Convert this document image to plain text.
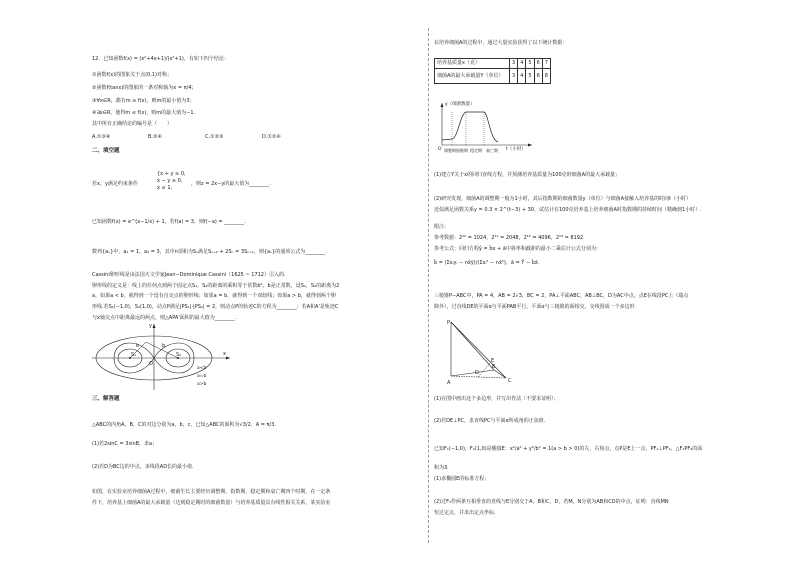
12．已知函数f(x) = (x²+4x+1)/(x²+1)，有如下四个结论：
①函数f(x)的图象关于点(0,1)对称；
②函数f(tanx)的图象的一条对称轴为x = π/4；
③∀x∈R，都有m ≥ f(x)，则m的最小值为3；
④∃x∈R，使得m ≤ f(x)，则m的最大值为−1.
其中所有正确结论的编号是（　　）
A.①③④	B.②④	C.①②③	D.①②④
二、填空题
若x，y满足约束条件
{x + y ≥ 0,
x − y ≥ 0,
x ≤ 1,
，则z = 2x−y的最大值为________.
已知函数f(x) = e^(x−1/x) + 1，若f(a) = 3，则f(−a) = ________.
数列{aₙ}中，a₁ = 1，a₂ = 3，其中n项和为Sₙ满足Sₙ₊₂ + 2Sₙ = 3Sₙ₊₁，则{aₙ}的通项公式为________.
Cassini卵形线是由法国天文学家Jean−Dominique Cassini（1625 ~ 1712）引入的.
卵形线的定义是：线上的任何点到两个固定点S₁，S₂的距离的乘积等于常数b²，b是正常数，设S₁，S₂的距离为2
a，如果a < b，就得到一个没有自交点的卵形线；如果a = b，就得到一个双纽线；如果a > b，就得到两个卵
形线.若S₁(−1,0)，S₂(1,0)，动点P满足|PS₁|·|PS₂| = 2，则动点P的轨迹C的方程为________；若A和A'是轨迹C
与x轴交点中距离最远的两点，则△APA'面积的最大值为________.
y
x
O
S₁	S₂
b	b
a<b
a=b
a>b
三、解答题
△ABC的内角A，B，C的对边分别为a，b，c，已知△ABC的面积为√3/2，A = π/3.
(1)若2sinC = 3sinB，求a；
(2)若D为BC边的中点，求线段AD长的最小值.
如图，在实验室培养细菌A过程中，细菌生长主要经历调整期、指数期、稳定期和衰亡期四个时期，在一定条
件下，培养基上细菌A的最大承载量（达到稳定期时的细菌数量）与培养基质量具有线性相关关系，某实验室
在培养细菌A的过程中，通过大量实验获得了以下统计数据：
培养基质量x（克）	3	4	5	6	7
细菌A的最大承载量Y（单位）	3	4	5	6	8
y（细菌数量）
t（小时）
O 调整期 指数期 稳定期 衰亡期
(1)建立Y关于x的回归直线方程，并预测培养基质量为100克时细菌A的最大承载量；
(2)研究发现，细菌A的调整期一般为1小时，其后指数期的细菌数量y（单位）与细菌A接触入培养基的时间t（小时）
近似满足函数关系y = 0.3 × 2^(t−3) + 30，试估计在100克培养基上培养细菌A时指数期的持续时间（精确到1小时）.
附注：
参考数据：2¹⁰ = 1024，2¹¹ = 2048，2¹² = 4096，2¹³ = 8192.
参考公式：回归方程ŷ = b̂x + â中斜率和截距的最小二乘估计公式分别为：
b̂ = (Σxᵢyᵢ − nx̄ȳ)/(Σxᵢ² − nx̄²)，â = Ȳ − b̂x̄.
三棱锥P−ABC中，PA = 4，AB = 2√3，BC = 2，PA⊥平面ABC，AB⊥BC，D为AC中点，点E在线段PC上（端点
除外），过直线DE的平面α与平面PAB平行，平面α与三棱锥的面相交，交线围成一个多边形.
P
A
B
C
D
E
(1)在图中画出这个多边形，并写出作法（不要求证明）；
(2)若DE⊥PC，求直线PC与平面α所成角的正弦值.
已知F₁(−1,0)，F₂(1,0)是椭圆E：x²/a² + y²/b² = 1(a > b > 0)的左，右焦点，点P是E上一点，PF₁⊥PF₂，△F₁PF₂的面
积为3.
(1)求椭圆E的标准方程；
(2)过F₂作两条互相垂直的直线与E分别交于A，B和C，D，若M，N分别为AB和CD的中点，证明：直线MN
恒过定点，并求出定点坐标.
